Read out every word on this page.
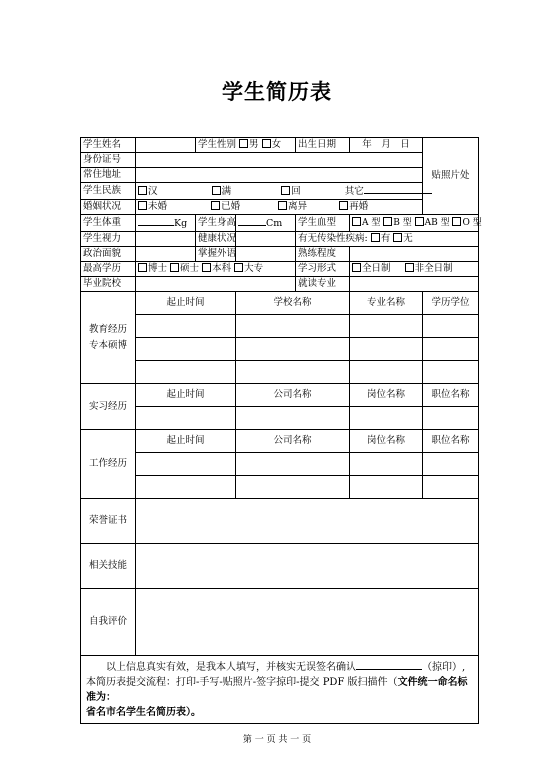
学生简历表
学生姓名		学生性别 男 女		出生日期	年　月　日	贴照片处
身份证号						
常住地址						
学生民族	汉 满 回 其它					
婚姻状况	未婚 已婚 离异 再婚					
学生体重	Kg	学生身高	Cm	学生血型	A 型 B 型 AB 型 O 型	
学生视力		健康状况		有无传染性疾病: 有 无		
政治面貌		掌握外语		熟练程度		
最高学历	博士 硕士 本科 大专			学习形式	全日制 非全日制	
毕业院校				就读专业		
教育经历
专本硕博	起止时间		学校名称		专业名称	学历学位

实习经历	起止时间		公司名称		岗位名称	职位名称

工作经历	起止时间		公司名称		岗位名称	职位名称

荣誉证书						
相关技能						
自我评价						
以上信息真实有效，是我本人填写，并核实无误签名确认 （掠印）,
本简历表提交流程：打印-手写-贴照片-签字掠印-提交 PDF 版扫描件（文件统一命名标准为：
省名市名学生名简历表）。						
第 一 页 共 一 页
